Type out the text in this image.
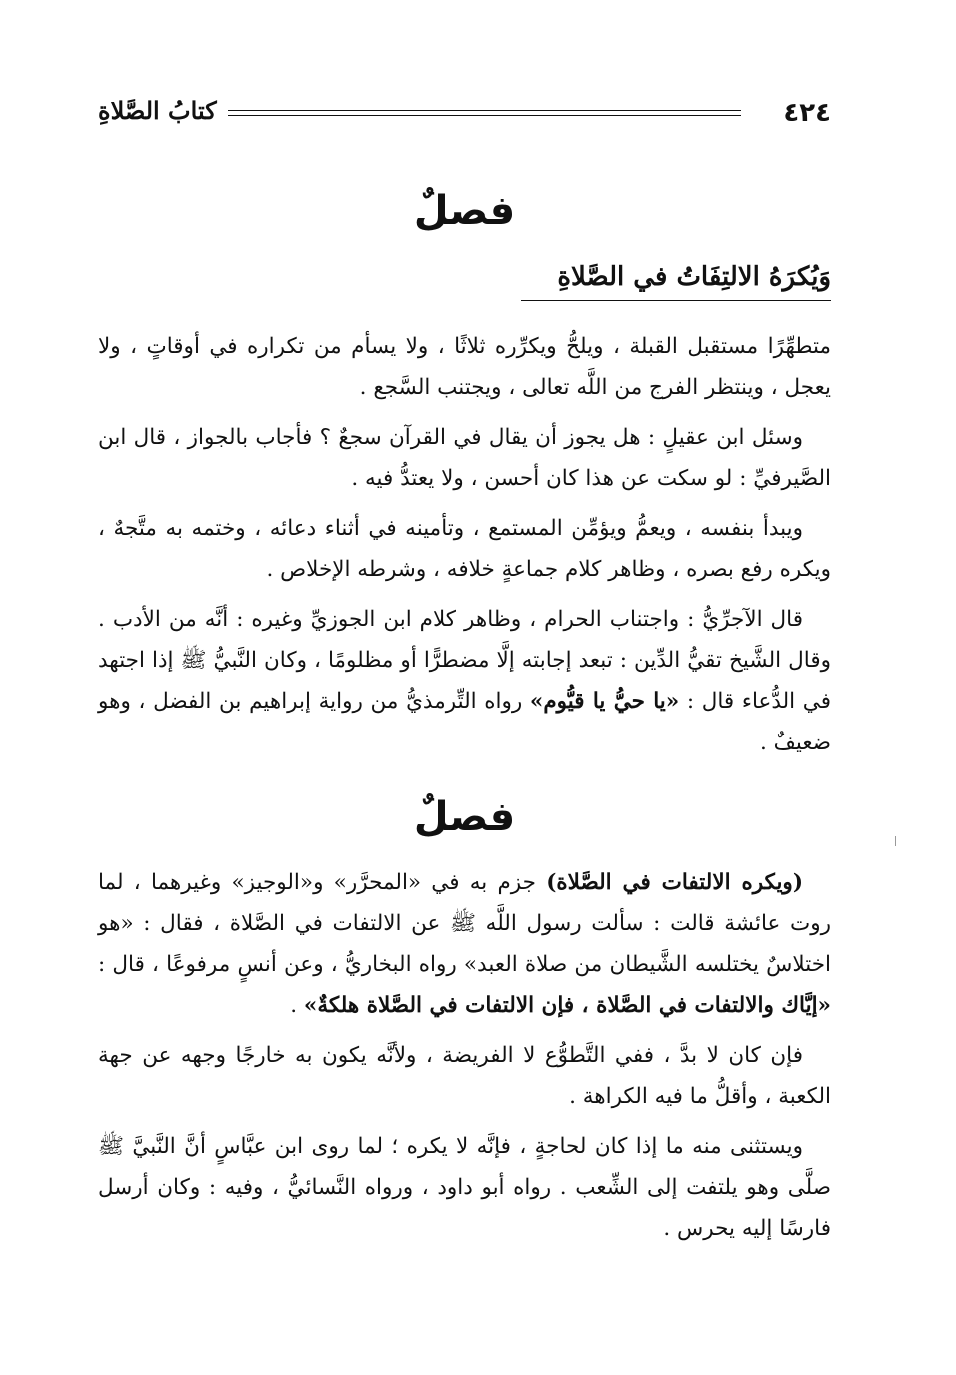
٤٢٤
كتابُ الصَّلاةِ
فصلٌ
وَيُكرَهُ الالتِفَاتُ في الصَّلاةِ

متطهِّرًا مستقبل القبلة ، ويلحُّ ويكرِّره ثلاثًا ، ولا يسأم من تكراره في أوقاتٍ ، ولا يعجل ، وينتظر الفرج من اللَّه تعالى ، ويجتنب السَّجع .

وسئل ابن عقيلٍ : هل يجوز أن يقال في القرآن سجعٌ ؟ فأجاب بالجواز ، قال ابن الصَّيرفيِّ : لو سكت عن هذا كان أحسن ، ولا يعتدُّ فيه .

ويبدأ بنفسه ، ويعمُّ ويؤمِّن المستمع ، وتأمينه في أثناء دعائه ، وختمه به متَّجهٌ ، ويكره رفع بصره ، وظاهر كلام جماعةٍ خلافه ، وشرطه الإخلاص .

قال الآجرِّيُّ : واجتناب الحرام ، وظاهر كلام ابن الجوزيِّ وغيره : أنَّه من الأدب . وقال الشَّيخ تقيُّ الدِّين : تبعد إجابته إلَّا مضطرًّا أو مظلومًا ، وكان النَّبيُّ ﷺ إذا اجتهد في الدُّعاء قال : «يا حيُّ يا قيُّوم» رواه التِّرمذيُّ من رواية إبراهيم بن الفضل ، وهو ضعيفٌ .

فصلٌ

(ويكره الالتفات في الصَّلاة) جزم به في «المحرَّر» و«الوجيز» وغيرهما ، لما روت عائشة قالت : سألت رسول اللَّه ﷺ عن الالتفات في الصَّلاة ، فقال : «هو اختلاسٌ يختلسه الشَّيطان من صلاة العبد» رواه البخاريُّ ، وعن أنسٍ مرفوعًا ، قال : «إيَّاك والالتفات في الصَّلاة ، فإن الالتفات في الصَّلاة هلكةٌ» .

فإن كان لا بدَّ ، ففي التَّطوُّع لا الفريضة ، ولأنَّه يكون به خارجًا وجهه عن جهة الكعبة ، وأقلُّ ما فيه الكراهة .

ويستثنى منه ما إذا كان لحاجةٍ ، فإنَّه لا يكره ؛ لما روى ابن عبَّاسٍ أنَّ النَّبيَّ ﷺ صلَّى وهو يلتفت إلى الشِّعب . رواه أبو داود ، ورواه النَّسائيُّ ، وفيه : وكان أرسل فارسًا إليه يحرس .
